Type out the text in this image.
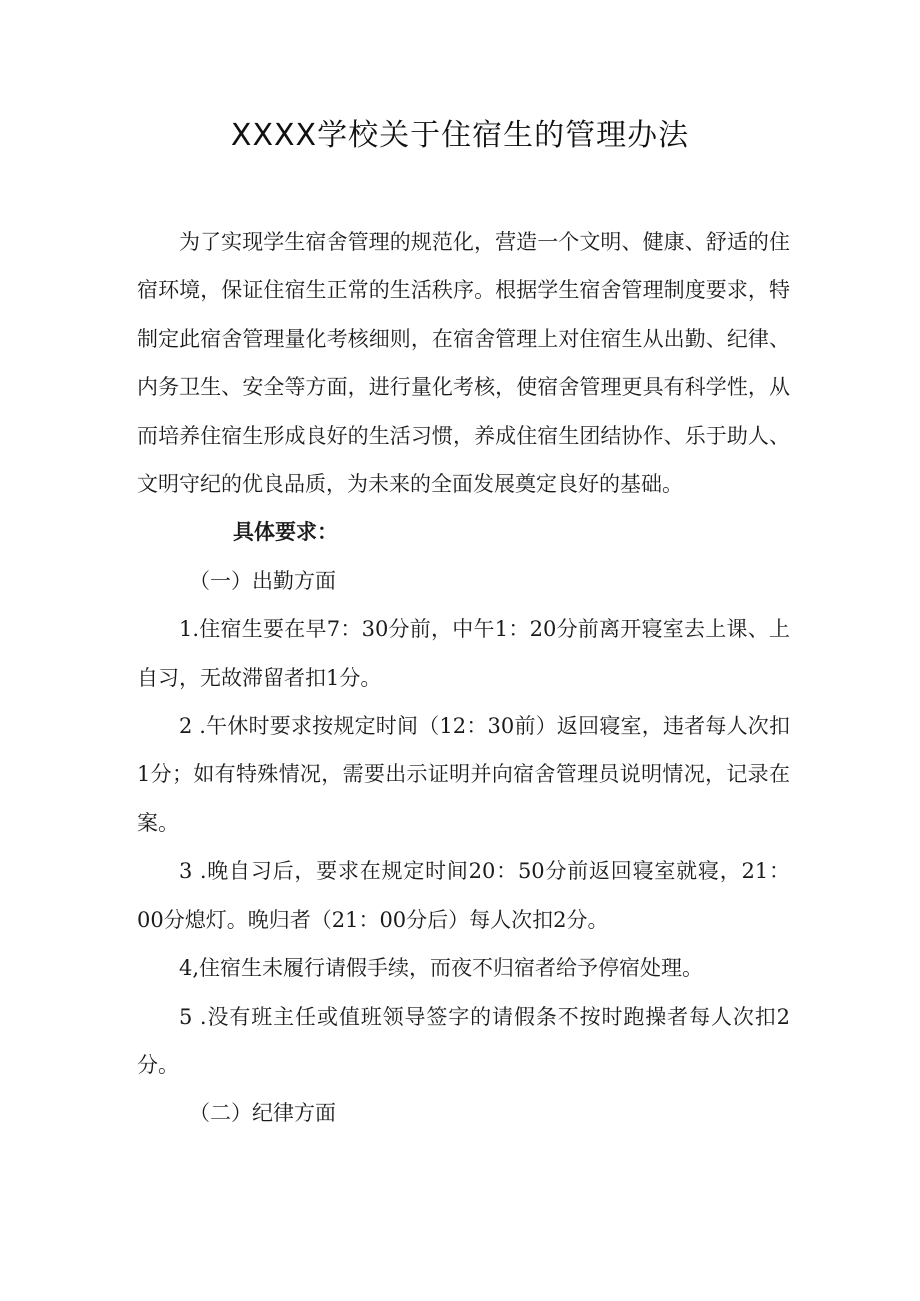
XXXX学校关于住宿生的管理办法

为了实现学生宿舍管理的规范化，营造一个文明、健康、舒适的住宿环境，保证住宿生正常的生活秩序。根据学生宿舍管理制度要求，特制定此宿舍管理量化考核细则，在宿舍管理上对住宿生从出勤、纪律、内务卫生、安全等方面，进行量化考核，使宿舍管理更具有科学性，从而培养住宿生形成良好的生活习惯，养成住宿生团结协作、乐于助人、文明守纪的优良品质，为未来的全面发展奠定良好的基础。

具体要求：

（一）出勤方面

1.住宿生要在早7：30分前，中午1：20分前离开寝室去上课、上自习，无故滞留者扣1分。

2 .午休时要求按规定时间（12：30前）返回寝室，违者每人次扣1分；如有特殊情况，需要出示证明并向宿舍管理员说明情况，记录在案。

3 .晚自习后，要求在规定时间20：50分前返回寝室就寝，21：00分熄灯。晚归者（21：00分后）每人次扣2分。

4,住宿生未履行请假手续，而夜不归宿者给予停宿处理。

5 .没有班主任或值班领导签字的请假条不按时跑操者每人次扣2分。

（二）纪律方面
